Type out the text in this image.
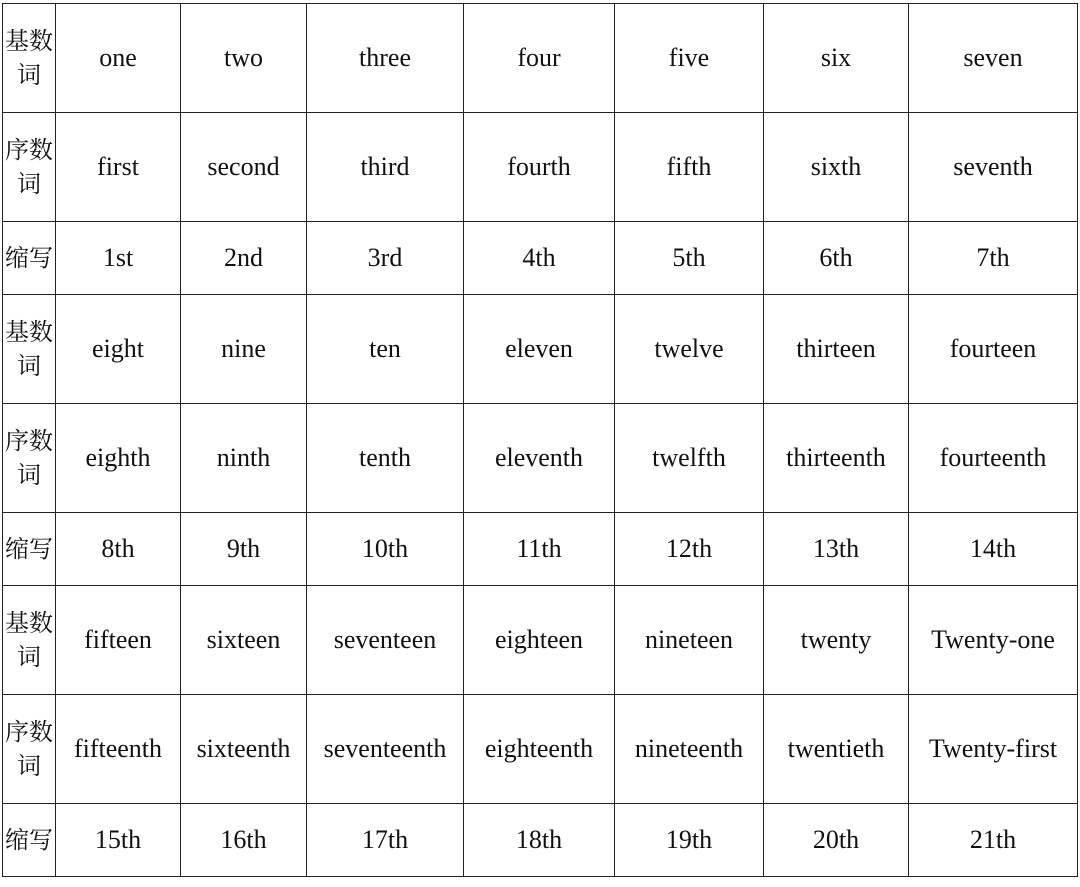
基数词	one	two	three	four	five	six	seven
序数词	first	second	third	fourth	fifth	sixth	seventh
缩写	1st	2nd	3rd	4th	5th	6th	7th
基数词	eight	nine	ten	eleven	twelve	thirteen	fourteen
序数词	eighth	ninth	tenth	eleventh	twelfth	thirteenth	fourteenth
缩写	8th	9th	10th	11th	12th	13th	14th
基数词	fifteen	sixteen	seventeen	eighteen	nineteen	twenty	Twenty-one
序数词	fifteenth	sixteenth	seventeenth	eighteenth	nineteenth	twentieth	Twenty-first
缩写	15th	16th	17th	18th	19th	20th	21th
